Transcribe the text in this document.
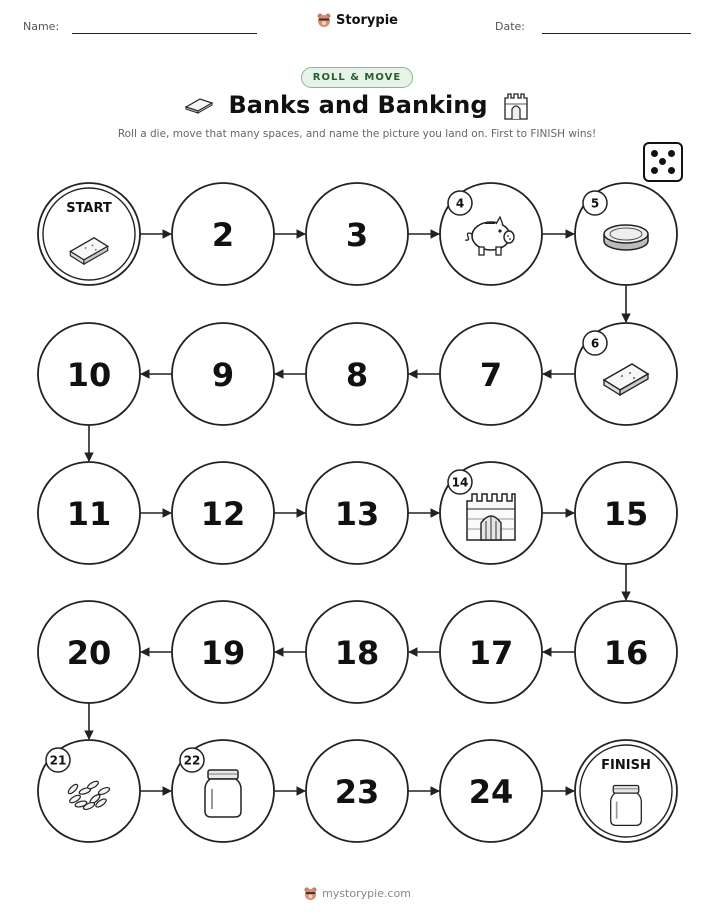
Name:	Storypie	Date:
ROLL & MOVE
Banks and Banking
Roll a die, move that many spaces, and name the picture you land on. First to FINISH wins!
START
2	3
4	5
6
7
8
9
10
11	12	13
14
15
16
17
18
19
20
21	22
23	24
FINISH
mystorypie.com
